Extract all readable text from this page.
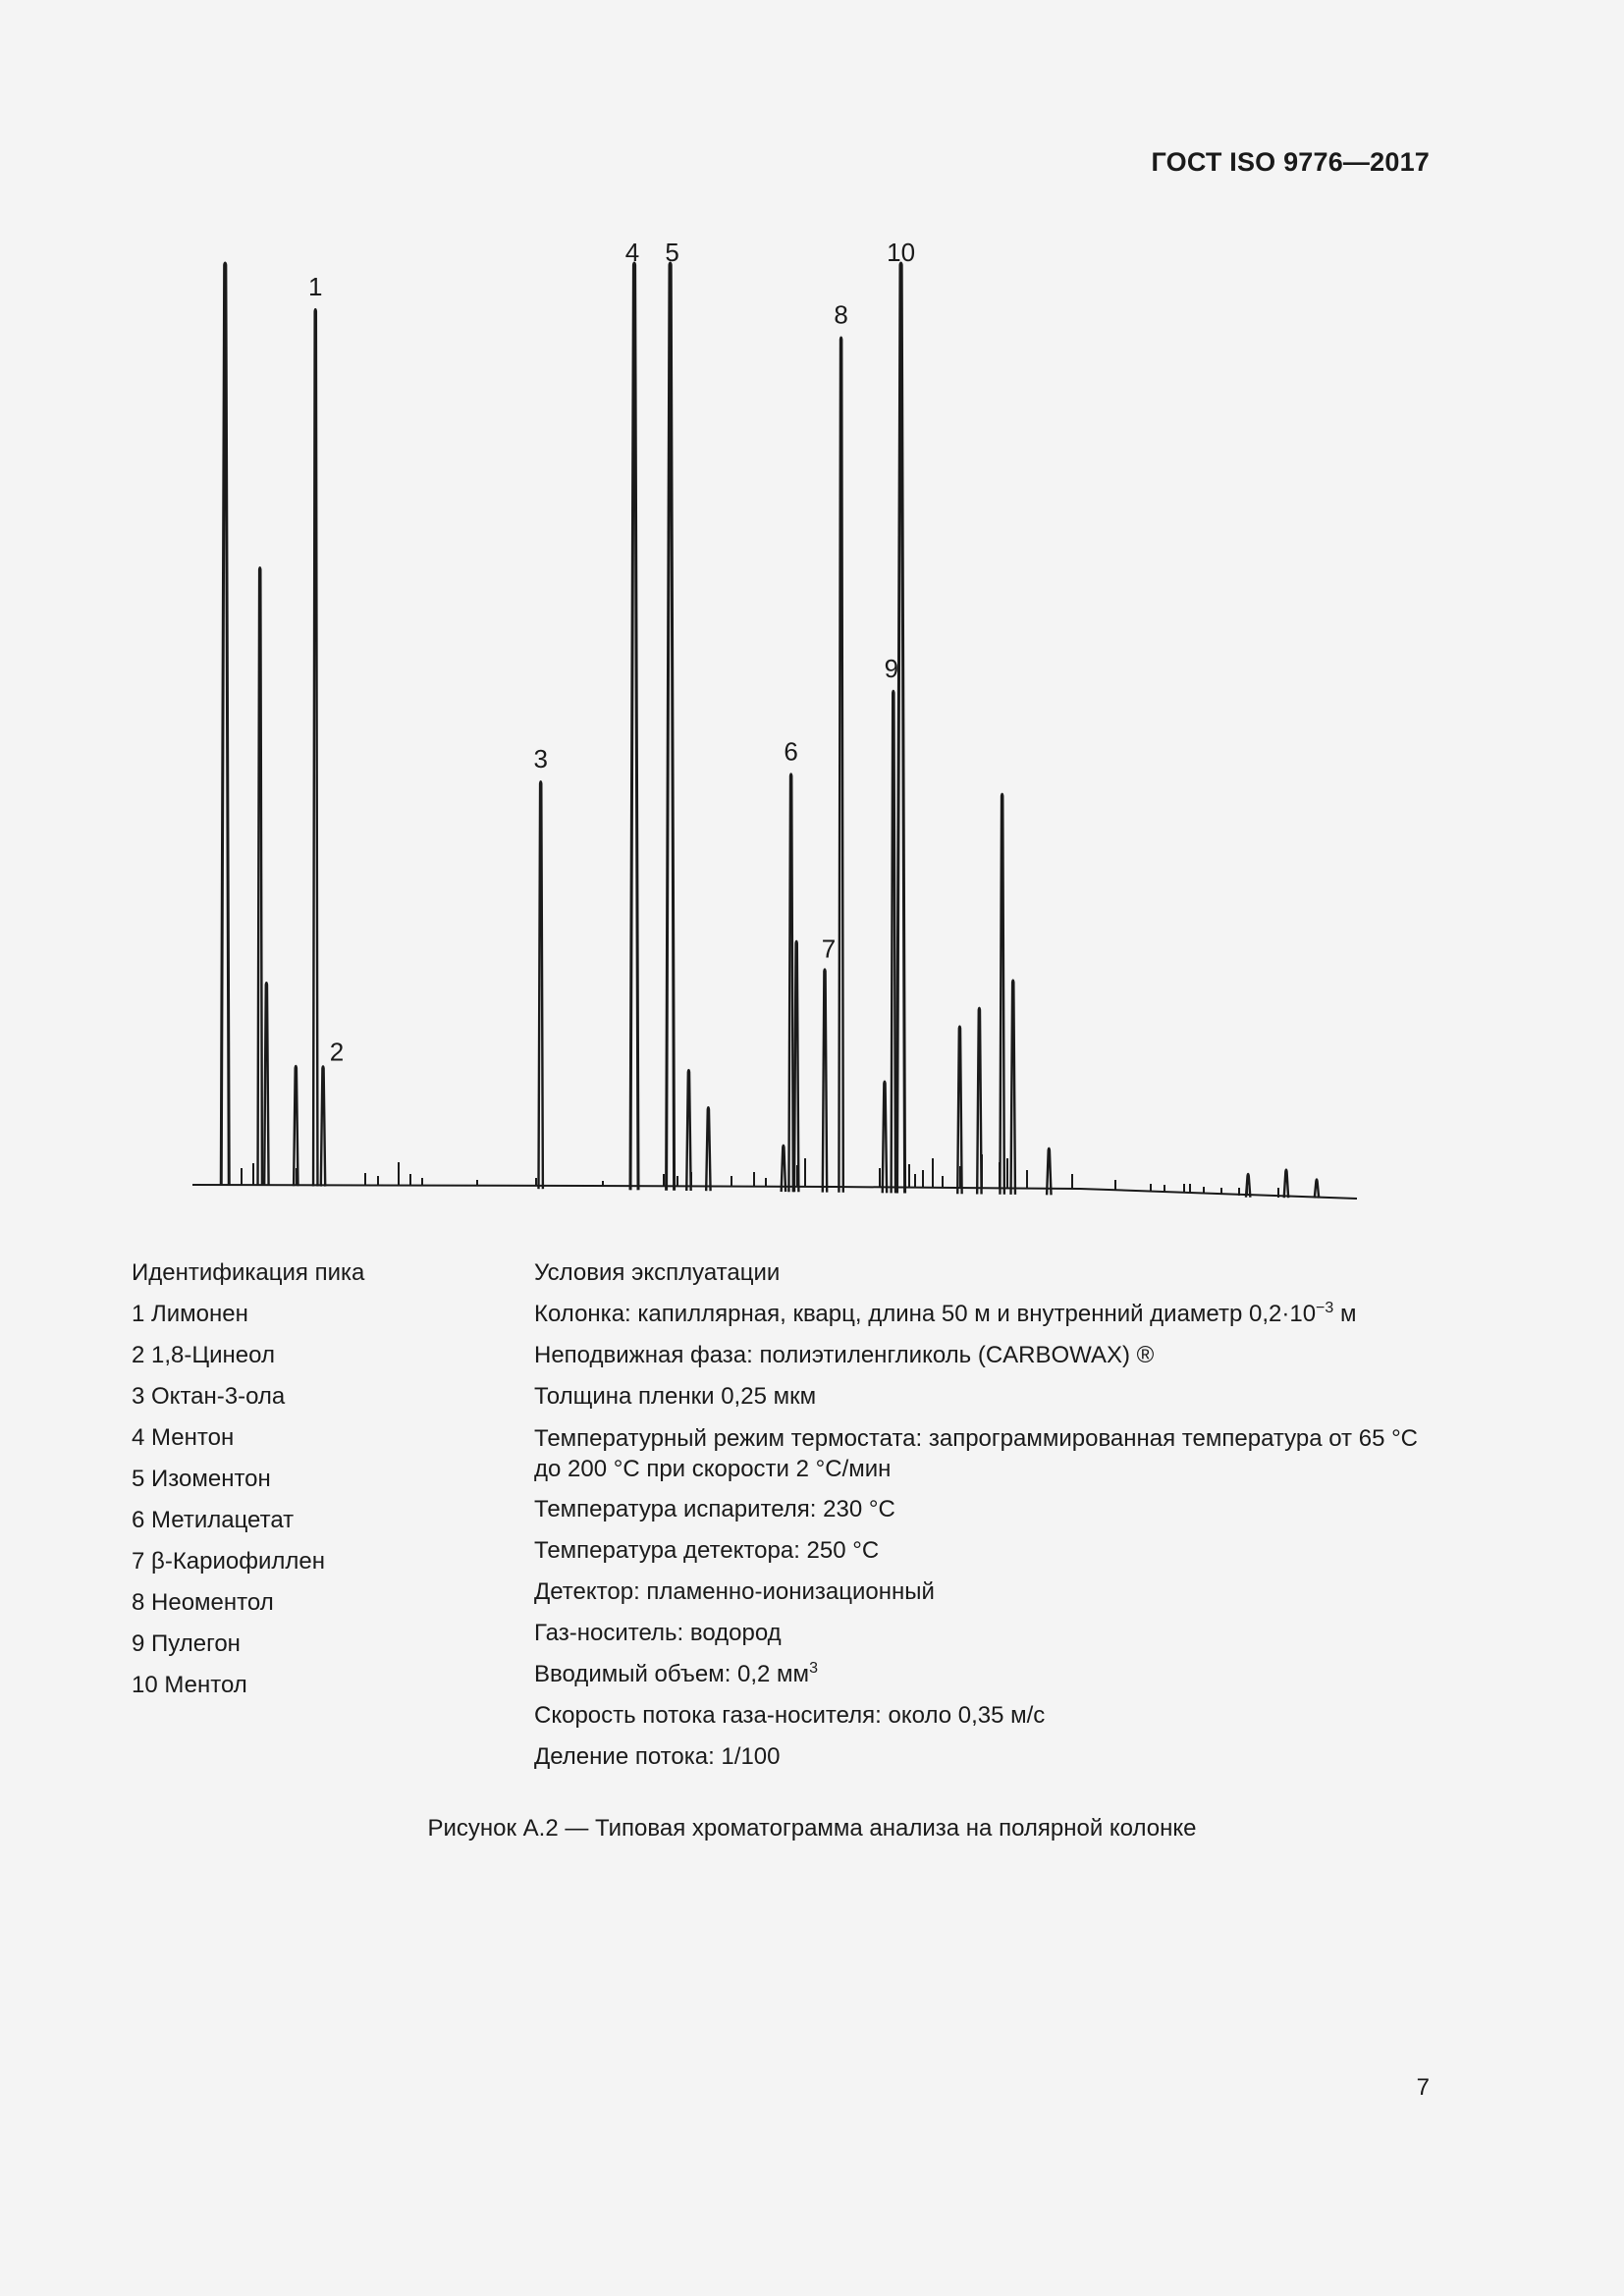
ГОСТ ISO 9776—2017
1
2
3
4 5
6
7
8
9
10
Идентификация пика
1 Лимонен
2 1,8-Цинеол
3 Октан-3-ола
4 Ментон
5 Изоментон
6 Метилацетат
7 β-Кариофиллен
8 Неоментол
9 Пулегон
10 Ментол
Условия эксплуатации
Колонка: капиллярная, кварц, длина 50 м и внутренний диаметр $0,2\cdot 10^{-3}$ м
Неподвижная фаза: полиэтиленгликоль (CARBOWAX) ®
Толщина пленки 0,25 мкм
Температурный режим термостата: запрограммированная температура от 65 °С до 200 °С при скорости 2 °С/мин
Температура испарителя: 230 °С
Температура детектора: 250 °С
Детектор: пламенно-ионизационный
Газ-носитель: водород
Вводимый объем: 0,2 $мм^3$
Скорость потока газа-носителя: около 0,35 м/с
Деление потока: 1/100
Рисунок А.2 — Типовая хроматограмма анализа на полярной колонке
7
